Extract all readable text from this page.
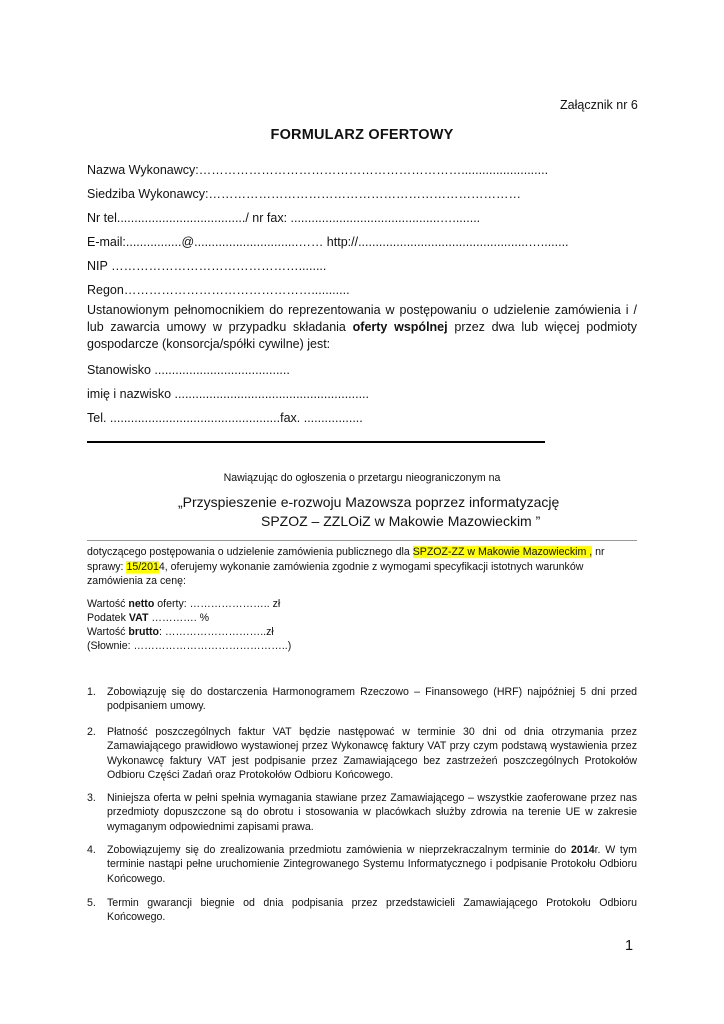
Załącznik nr 6
FORMULARZ OFERTOWY
Nazwa Wykonawcy:……………………………………………………….........................
Siedziba Wykonawcy:…………………………………………………………………
Nr tel...................................../ nr fax: ...........................................…........
E-mail:................@..............................…… http://.................................................…........
NIP ………………………………………........
Regon………………………………………...........
Ustanowionym pełnomocnikiem do reprezentowania w postępowaniu o udzielenie zamówienia i / lub zawarcia umowy w przypadku składania oferty wspólnej przez dwa lub więcej podmioty gospodarcze (konsorcja/spółki cywilne) jest:
Stanowisko .......................................
imię i nazwisko ........................................................
Tel. .................................................fax. .................
Nawiązując do ogłoszenia o przetargu nieograniczonym na
„Przyspieszenie e-rozwoju Mazowsza poprzez informatyzację
SPZOZ – ZZLOiZ w Makowie Mazowieckim ”
dotyczącego postępowania o udzielenie zamówienia publicznego dla SPZOZ-ZZ w Makowie Mazowieckim , nr
sprawy: 15/2014, oferujemy wykonanie zamówienia zgodnie z wymogami specyfikacji istotnych warunków
zamówienia za cenę:
Wartość netto oferty: ………………….. zł
Podatek VAT …………. %
Wartość brutto: ………………………..zł
(Słownie: ……………………………………..)
1.	Zobowiązuję się do dostarczenia Harmonogramem Rzeczowo – Finansowego (HRF) najpóźniej 5 dni przed podpisaniem umowy.
2.	Płatność poszczególnych faktur VAT będzie następować w terminie 30 dni od dnia otrzymania przez Zamawiającego prawidłowo wystawionej przez Wykonawcę faktury VAT przy czym podstawą wystawienia przez Wykonawcę faktury VAT jest podpisanie przez Zamawiającego bez zastrzeżeń poszczególnych Protokołów Odbioru Części Zadań oraz Protokołów Odbioru Końcowego.
3.	Niniejsza oferta w pełni spełnia wymagania stawiane przez Zamawiającego – wszystkie zaoferowane przez nas przedmioty dopuszczone są do obrotu i stosowania w placówkach służby zdrowia na terenie UE w zakresie wymaganym odpowiednimi zapisami prawa.
4.	Zobowiązujemy się do zrealizowania przedmiotu zamówienia w nieprzekraczalnym terminie do 2014r. W tym terminie nastąpi pełne uruchomienie Zintegrowanego Systemu Informatycznego i podpisanie Protokołu Odbioru Końcowego.
5.	Termin gwarancji biegnie od dnia podpisania przez przedstawicieli Zamawiającego Protokołu Odbioru Końcowego.
1
